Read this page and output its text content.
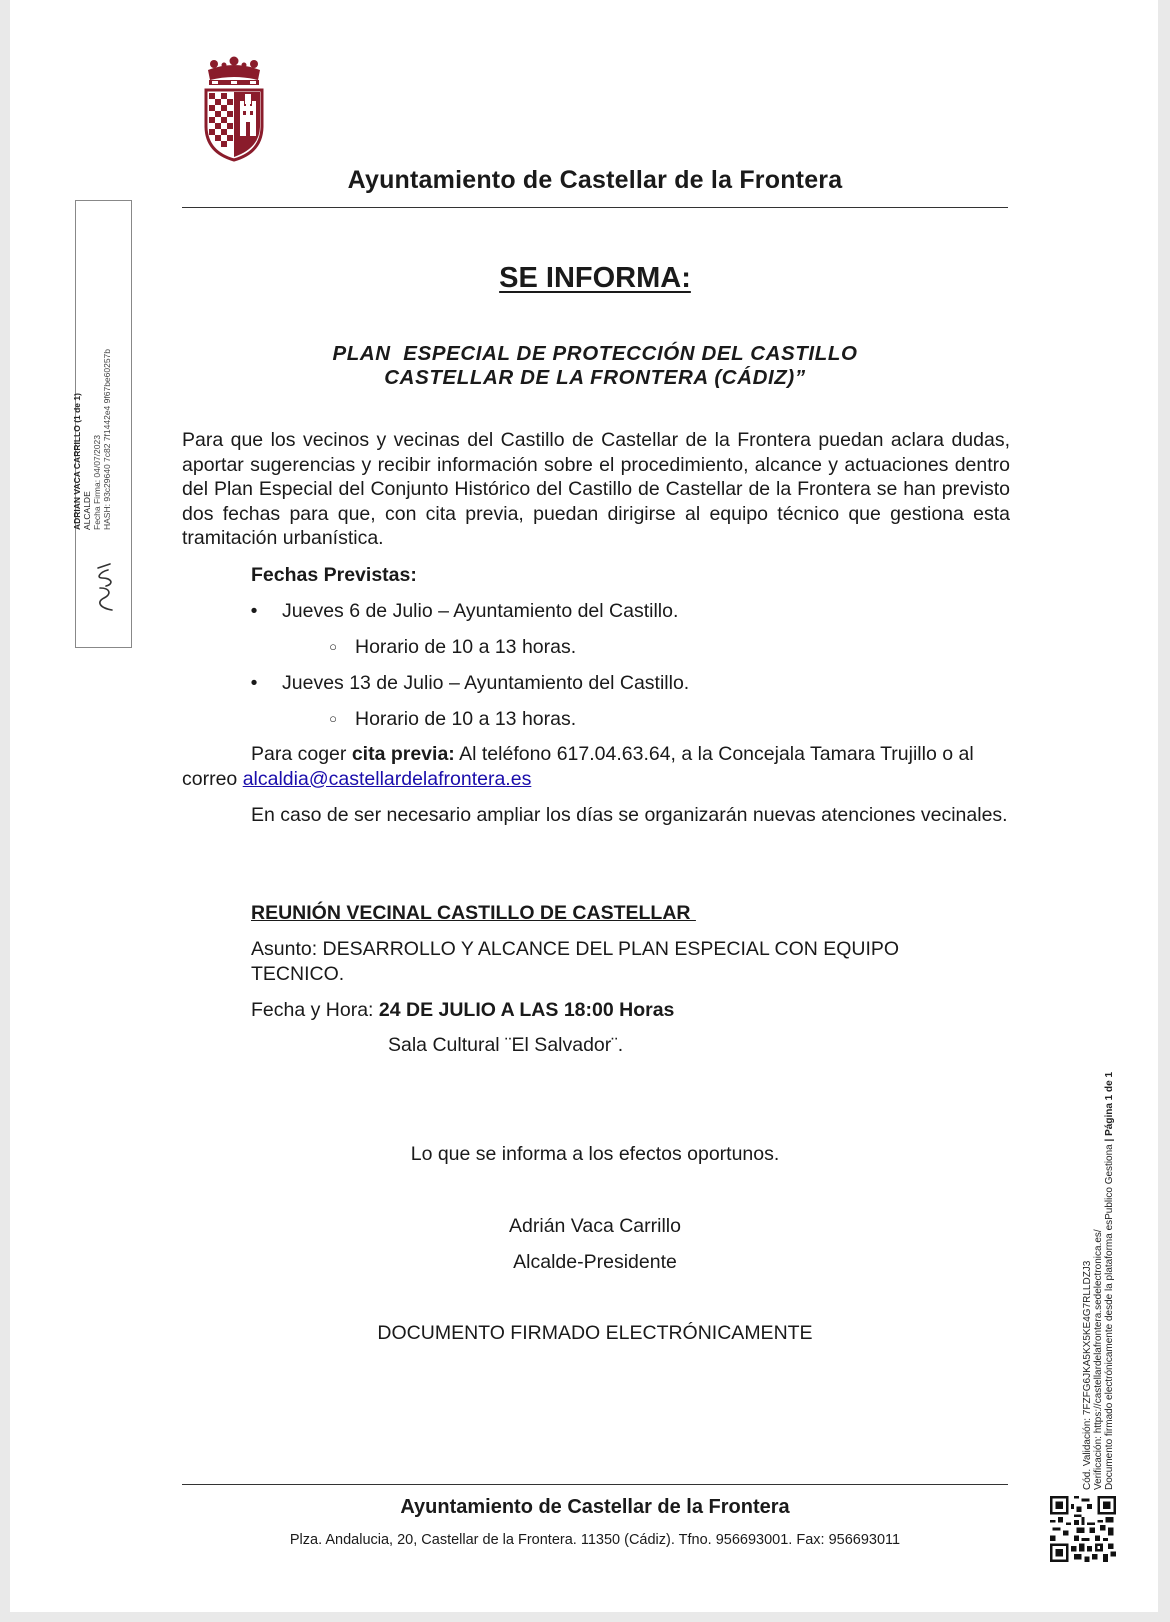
Ayuntamiento de Castellar de la Frontera
SE INFORMA:
PLAN  ESPECIAL DE PROTECCIÓN DEL CASTILLO
CASTELLAR DE LA FRONTERA (CÁDIZ)”
Para que los vecinos y vecinas del Castillo de Castellar de la Frontera puedan aclara dudas, aportar sugerencias y recibir información sobre el procedimiento, alcance y actuaciones dentro del Plan Especial del Conjunto Histórico del Castillo de Castellar de la Frontera se han previsto dos fechas para que, con cita previa, puedan dirigirse al equipo técnico que gestiona esta tramitación urbanística.
Fechas Previstas:
•	Jueves 6 de Julio – Ayuntamiento del Castillo.
○ Horario de 10 a 13 horas.
•	Jueves 13 de Julio – Ayuntamiento del Castillo.
○ Horario de 10 a 13 horas.
Para coger cita previa: Al teléfono 617.04.63.64, a la Concejala Tamara Trujillo o al correo alcaldia@castellardelafrontera.es
En caso de ser necesario ampliar los días se organizarán nuevas atenciones vecinales.
REUNIÓN VECINAL CASTILLO DE CASTELLAR
Asunto: DESARROLLO Y ALCANCE DEL PLAN ESPECIAL CON EQUIPO TECNICO.
Fecha y Hora: 24 DE JULIO A LAS 18:00 Horas
Sala Cultural ¨El Salvador¨.
Lo que se informa a los efectos oportunos.
Adrián Vaca Carrillo
Alcalde-Presidente
DOCUMENTO FIRMADO ELECTRÓNICAMENTE
Ayuntamiento de Castellar de la Frontera
Plza. Andalucia, 20, Castellar de la Frontera. 11350 (Cádiz). Tfno. 956693001. Fax: 956693011
ADRIAN VACA CARRILLO (1 de 1) ALCALDE Fecha Firma: 04/07/2023 HASH: 93c29640 7c82 7f1442e4 9f67be60257b
Cód. Validación: 7FZFG6JKA5KX5KE4G7RLLDZJ3 Verificación: https://castellardelafrontera.sedelectronica.es/ Documento firmado electrónicamente desde la plataforma esPublico Gestiona | Página 1 de 1
